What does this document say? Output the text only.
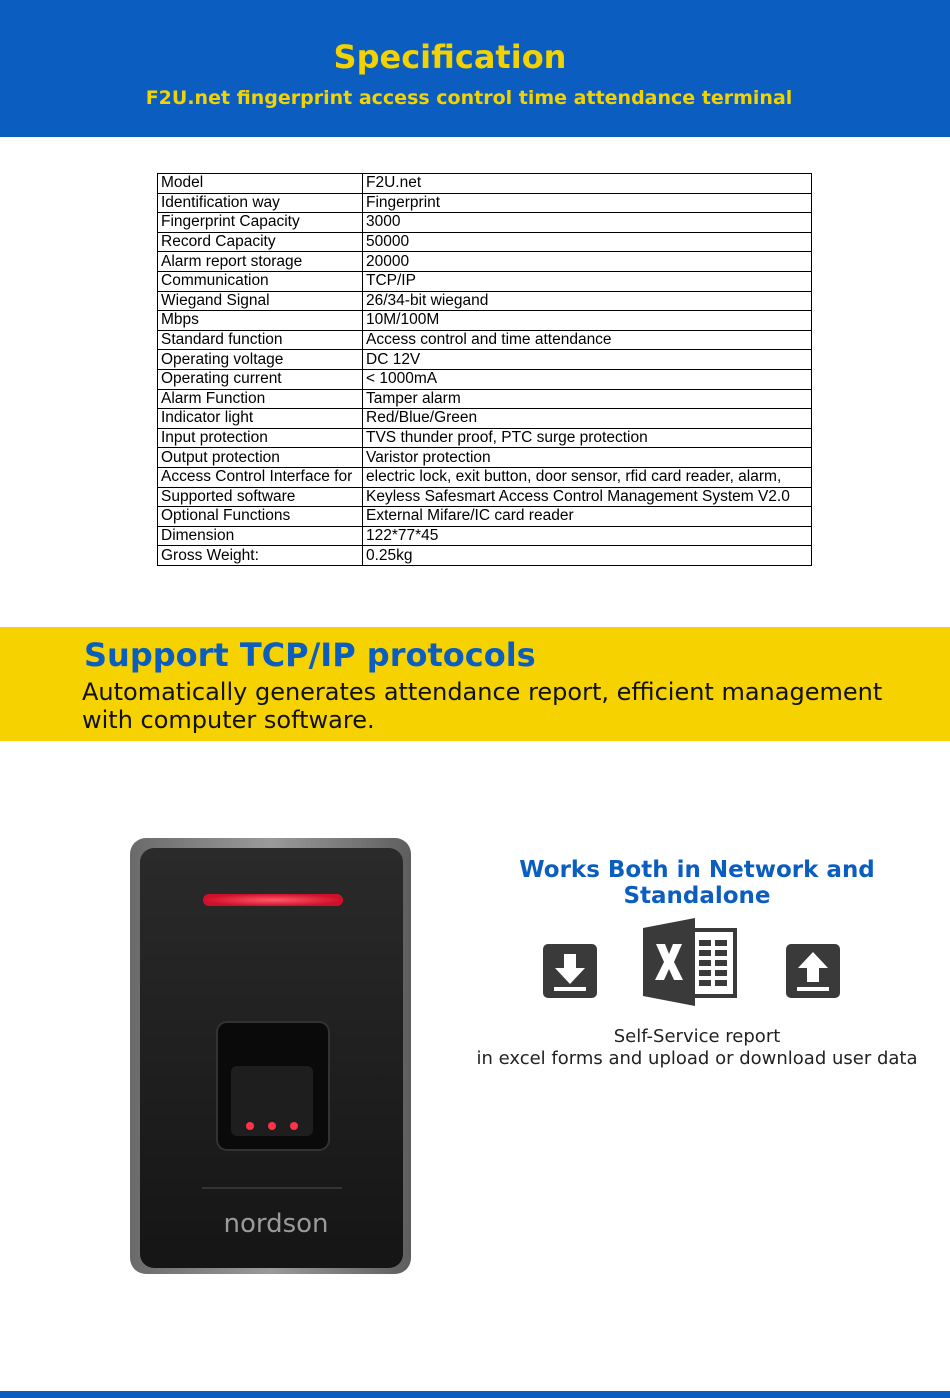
Specification
F2U.net fingerprint access control time attendance terminal
Model	F2U.net
Identification way	Fingerprint
Fingerprint Capacity	3000
Record Capacity	50000
Alarm report storage	20000
Communication	TCP/IP
Wiegand Signal	26/34-bit wiegand
Mbps	10M/100M
Standard function	Access control and time attendance
Operating voltage	DC 12V
Operating current	< 1000mA
Alarm Function	Tamper alarm
Indicator light	Red/Blue/Green
Input protection	TVS thunder proof, PTC surge protection
Output protection	Varistor protection
Access Control Interface for	electric lock, exit button, door sensor, rfid card reader, alarm,
Supported software	Keyless Safesmart Access Control Management System V2.0
Optional Functions	External Mifare/IC card reader
Dimension	122*77*45
Gross Weight:	0.25kg
Support TCP/IP protocols
Automatically generates attendance report, efficient management with computer software.
nordson
Works Both in Network and Standalone
Self-Service report
in excel forms and upload or download user data
